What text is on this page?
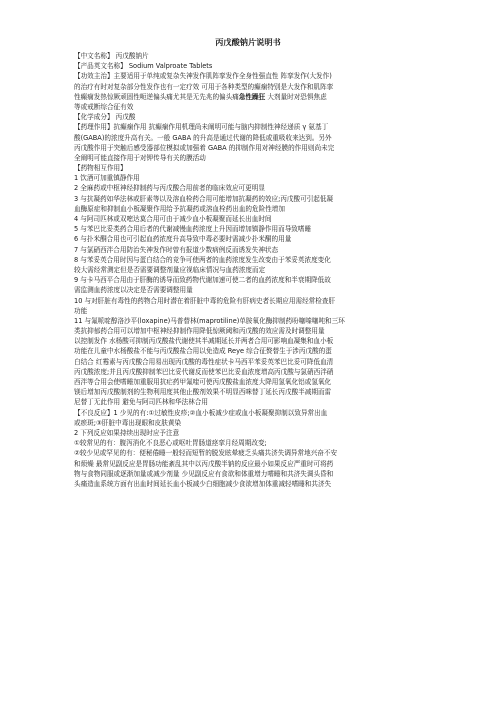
丙戊酸钠片说明书
【中文名称】 丙戊酸钠片
【产品英文名称】 Sodium Valproate Tablets
【功效主治】主要适用于单纯或复杂失神发作肌阵挛发作全身性强直性 阵挛发作(大发作)
的治疗有时对复杂部分性发作也有一定疗效 可用于各种类型的癫痫特别是大发作和肌阵挛
性癫痫发热惊厥顽固性呃逆偏头痛尤其是无先兆的偏头痛急性躁狂 大剂量时对恐惧焦虑
等或戒断综合征有效
【化学成分】 丙戊酸
【药理作用】抗癫痫作用 抗癫痫作用机理尚未阐明可能与脑内抑制性神经递质 γ 氨基丁
酸(GABA)的浓度升高有关。一般 GABA 的升高是通过代谢的降低或重吸收来达到。另外
丙戊酸作用于突触后感受器部位模拟或加强着 GABA 的抑制作用对神经膜的作用则尚未完
全阐明可能直接作用于对钾传导有关的膜活动
【药物相互作用】
1 饮酒可加重镇静作用
2 全麻药或中枢神经抑制药与丙戊酸合用前者的临床效应可更明显
3 与抗凝药如华法林或肝素等以及溶血栓药合用可能增加抗凝药的效应;丙戊酸可引起低凝
血酶原症和抑制血小板凝聚作用给予抗凝药或溶血栓药出血的危险性增加
4 与阿司匹林或双嘧达莫合用可由于减少血小板凝聚而延长出血时间
5 与苯巴比妥类药合用后者的代谢减慢血药浓度上升因而增加镇静作用而导致嗜睡
6 与扑米酮合用也可引起血药浓度升高导致中毒必要时需减少扑米酮的用量
7 与氯硝西泮合用防治失神发作时曾有报道少数病例反而诱发失神状态
8 与苯妥英合用时因与蛋白结合的竞争可使两者的血药浓度发生改变由于苯妥英浓度变化
较大需经常测定但是否需要调整剂量应视临床情况与血药浓度而定
9 与卡马西平合用由于肝酶的诱导而致药物代谢加速可使二者的血药浓度和半衰期降低故
需监测血药浓度以决定是否需要调整用量
10 与对肝脏有毒性的药物合用时潜在着肝脏中毒的危险有肝病史者长期应用需经常检查肝
功能
11 与氟哌啶醇洛沙平(loxapine)马普替林(maprotiline)单胺氧化酶抑制药吩噻嗪噻吨和三环
类抗抑郁药合用可以增加中枢神经抑制作用降低惊厥阈和丙戊酸的效应需及时调整用量
以控制发作 水杨酸可抑制丙戊酸盐代谢使其半减期延长并两者合用可影响血凝集和血小板
功能在儿童中水杨酸盐不能与丙戊酸盐合用以免造成 Reye 综合征赘替生于涉丙戊酸的蛋
白结合 红霉素与丙戊酸合用易出现丙戊酸的毒性症状卡马西平苯妥英苯巴比妥可降低血清
丙戊酸浓度;并且丙戊酸抑制苯巴比妥代谢反而使苯巴比妥血浓度增高丙戊酸与氯硝西泮硝
西泮等合用会使嗜睡加重服用抗疟药甲氟喹可使丙戊酸盐血浓度大降用氢氧化铝或氢氧化
镁后增加丙戊酸制剂的生物利用度其他止酸剂效果不明显西咪替丁延长丙戊酸半减期而雷
尼替丁无此作用 避免与阿司匹林和华法林合用
【不良反应】1 少见的有:①过敏性皮疹;②血小板减少症或血小板凝聚抑制以致异常出血
或瘀斑;③肝脏中毒出现眼和皮肤黄染
2 下列反应如果持续出现时应予注意
①较常见的有：腹泻消化不良恶心或呕吐胃肠道痉挛月经周期改变;
②较少见或罕见的有：便秘倦睡一般轻而短暂的脱发眩晕疲乏头痛共济失调异常地兴奋不安
和烦燥 最常见副反应是胃肠功能紊乱其中以丙戊酸半钠的反应最小如果反应严重时可将药
物与食物同服或逐渐加量或减少剂量 少见副反应有食欲和体重增力嗜睡和共济失调头昏和
头痛造血系统方面有出血时间延长血小板减少白细胞减少食欲增加体重减轻嗜睡和共济失
